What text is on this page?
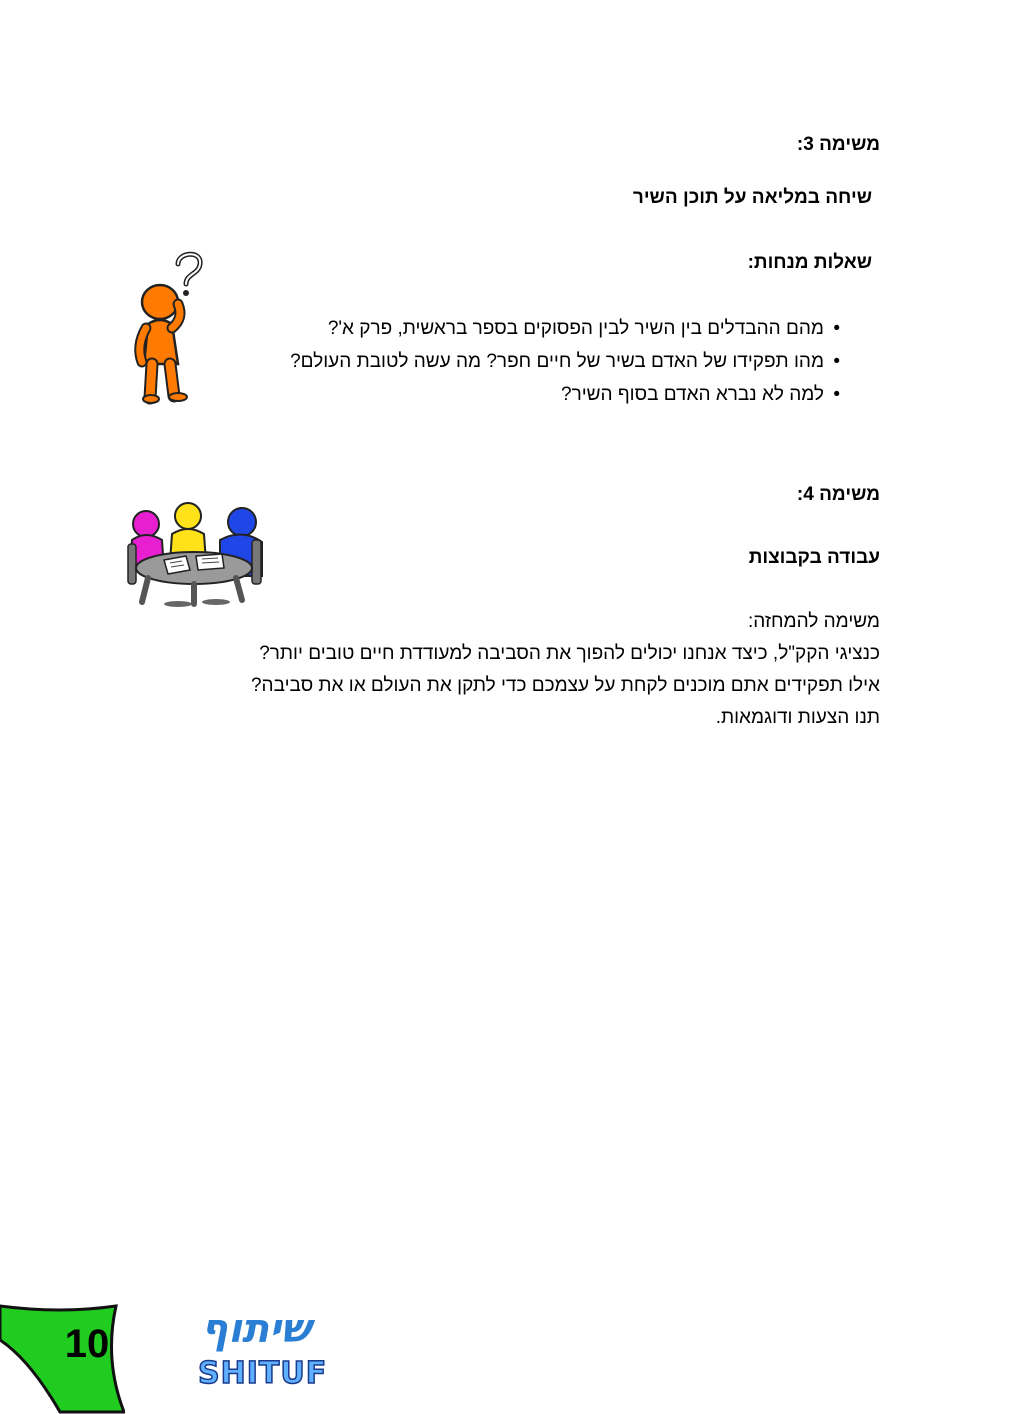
משימה 3:
שיחה במליאה על תוכן השיר
שאלות מנחות:
•מהם ההבדלים בין השיר לבין הפסוקים בספר בראשית, פרק א'?
•מהו תפקידו של האדם בשיר של חיים חפר? מה עשה לטובת העולם?
•למה לא נברא האדם בסוף השיר?
משימה 4:
עבודה בקבוצות
משימה להמחזה:
כנציגי הקק"ל, כיצד אנחנו יכולים להפוך את הסביבה למעודדת חיים טובים יותר?
אילו תפקידים אתם מוכנים לקחת על עצמכם כדי לתקן את העולם או את סביבה?
תנו הצעות ודוגמאות.
10 שיתוף
SHITUF
